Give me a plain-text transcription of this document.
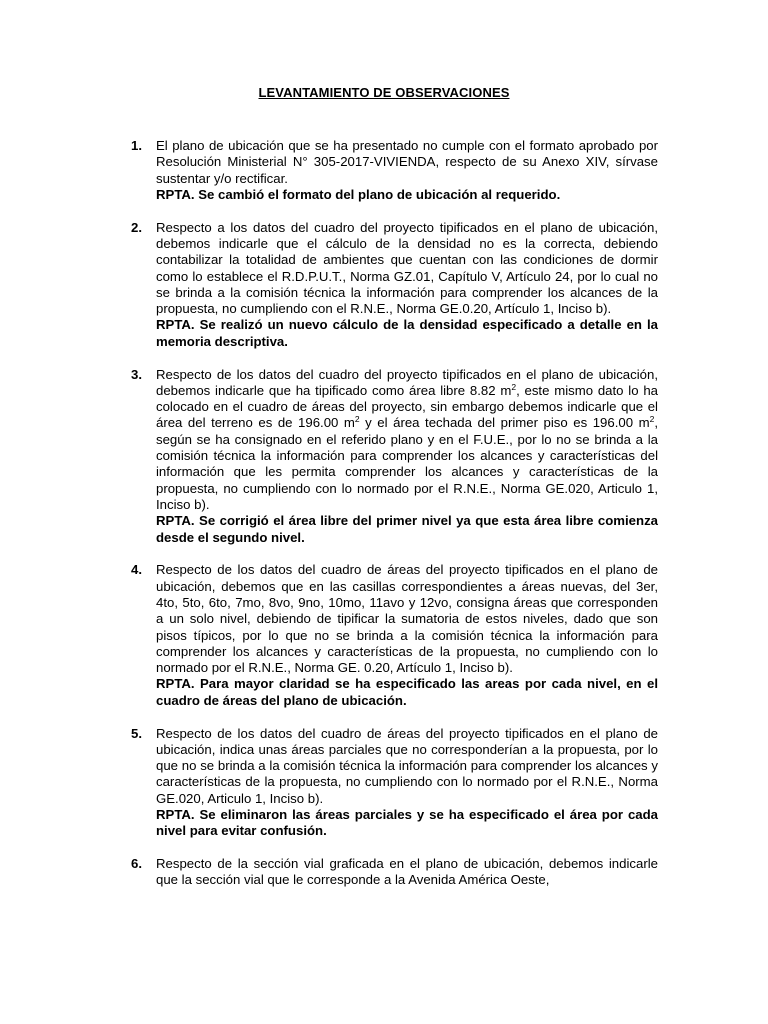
LEVANTAMIENTO DE OBSERVACIONES
1. El plano de ubicación que se ha presentado no cumple con el formato aprobado por Resolución Ministerial N° 305-2017-VIVIENDA, respecto de su Anexo XIV, sírvase sustentar y/o rectificar.
RPTA. Se cambió el formato del plano de ubicación al requerido.
2. Respecto a los datos del cuadro del proyecto tipificados en el plano de ubicación, debemos indicarle que el cálculo de la densidad no es la correcta, debiendo contabilizar la totalidad de ambientes que cuentan con las condiciones de dormir como lo establece el R.D.P.U.T., Norma GZ.01, Capítulo V, Artículo 24, por lo cual no se brinda a la comisión técnica la información para comprender los alcances de la propuesta, no cumpliendo con el R.N.E., Norma GE.0.20, Artículo 1, Inciso b).
RPTA. Se realizó un nuevo cálculo de la densidad especificado a detalle en la memoria descriptiva.
3. Respecto de los datos del cuadro del proyecto tipificados en el plano de ubicación, debemos indicarle que ha tipificado como área libre 8.82 $m^2$, este mismo dato lo ha colocado en el cuadro de áreas del proyecto, sin embargo debemos indicarle que el área del terreno es de 196.00 $m^2$ y el área techada del primer piso es 196.00 $m^2$, según se ha consignado en el referido plano y en el F.U.E., por lo no se brinda a la comisión técnica la información para comprender los alcances y características del información que les permita comprender los alcances y características de la propuesta, no cumpliendo con lo normado por el R.N.E., Norma GE.020, Articulo 1, Inciso b).
RPTA. Se corrigió el área libre del primer nivel ya que esta área libre comienza desde el segundo nivel.
4. Respecto de los datos del cuadro de áreas del proyecto tipificados en el plano de ubicación, debemos que en las casillas correspondientes a áreas nuevas, del 3er, 4to, 5to, 6to, 7mo, 8vo, 9no, 10mo, 11avo y 12vo, consigna áreas que corresponden a un solo nivel, debiendo de tipificar la sumatoria de estos niveles, dado que son pisos típicos, por lo que no se brinda a la comisión técnica la información para comprender los alcances y características de la propuesta, no cumpliendo con lo normado por el R.N.E., Norma GE. 0.20, Artículo 1, Inciso b).
RPTA. Para mayor claridad se ha especificado las areas por cada nivel, en el cuadro de áreas del plano de ubicación.
5. Respecto de los datos del cuadro de áreas del proyecto tipificados en el plano de ubicación, indica unas áreas parciales que no corresponderían a la propuesta, por lo que no se brinda a la comisión técnica la información para comprender los alcances y características de la propuesta, no cumpliendo con lo normado por el R.N.E., Norma GE.020, Articulo 1, Inciso b).
RPTA. Se eliminaron las áreas parciales y se ha especificado el área por cada nivel para evitar confusión.
6. Respecto de la sección vial graficada en el plano de ubicación, debemos indicarle que la sección vial que le corresponde a la Avenida América Oeste,
